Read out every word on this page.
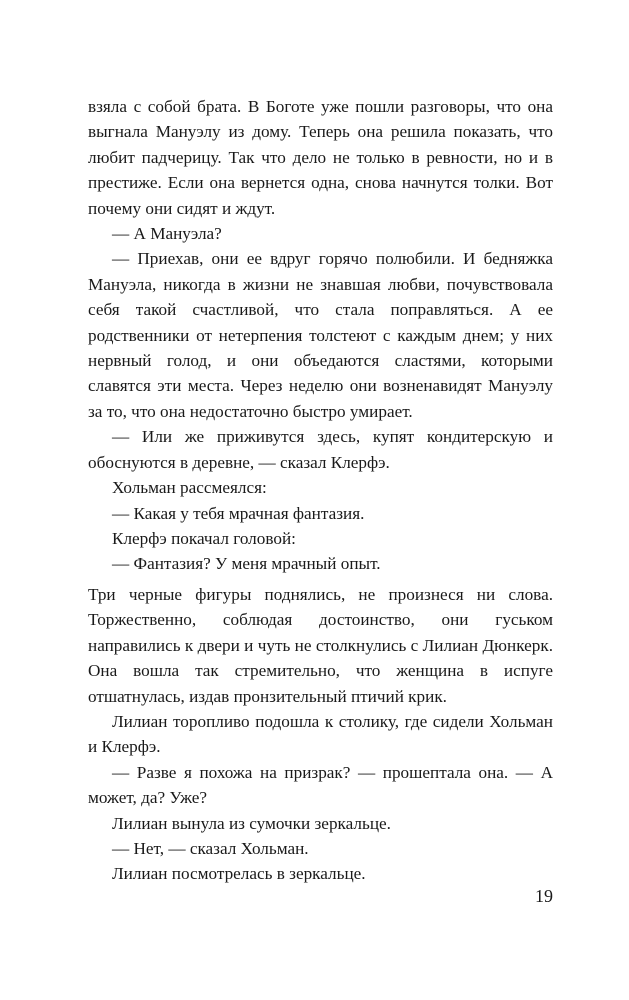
взяла с собой брата. В Боготе уже пошли разговоры, что она выгнала Мануэлу из дому. Теперь она решила показать, что любит падчерицу. Так что дело не только в ревности, но и в престиже. Если она вернется одна, снова начнутся толки. Вот почему они сидят и ждут.

— А Мануэла?

— Приехав, они ее вдруг горячо полюбили. И бедняжка Мануэла, никогда в жизни не знавшая любви, почувствовала себя такой счастливой, что стала поправляться. А ее родственники от нетерпения толстеют с каждым днем; у них нервный голод, и они объедаются сластями, которыми славятся эти места. Через неделю они возненавидят Мануэлу за то, что она недостаточно быстро умирает.

— Или же приживутся здесь, купят кондитерскую и обоснуются в деревне, — сказал Клерфэ.

Хольман рассмеялся:

— Какая у тебя мрачная фантазия.

Клерфэ покачал головой:

— Фантазия? У меня мрачный опыт.

Три черные фигуры поднялись, не произнеся ни слова. Торжественно, соблюдая достоинство, они гуськом направились к двери и чуть не столкнулись с Лилиан Дюнкерк. Она вошла так стремительно, что женщина в испуге отшатнулась, издав пронзительный птичий крик.

Лилиан торопливо подошла к столику, где сидели Хольман и Клерфэ.

— Разве я похожа на призрак? — прошептала она. — А может, да? Уже?

Лилиан вынула из сумочки зеркальце.

— Нет, — сказал Хольман.

Лилиан посмотрелась в зеркальце.

19
